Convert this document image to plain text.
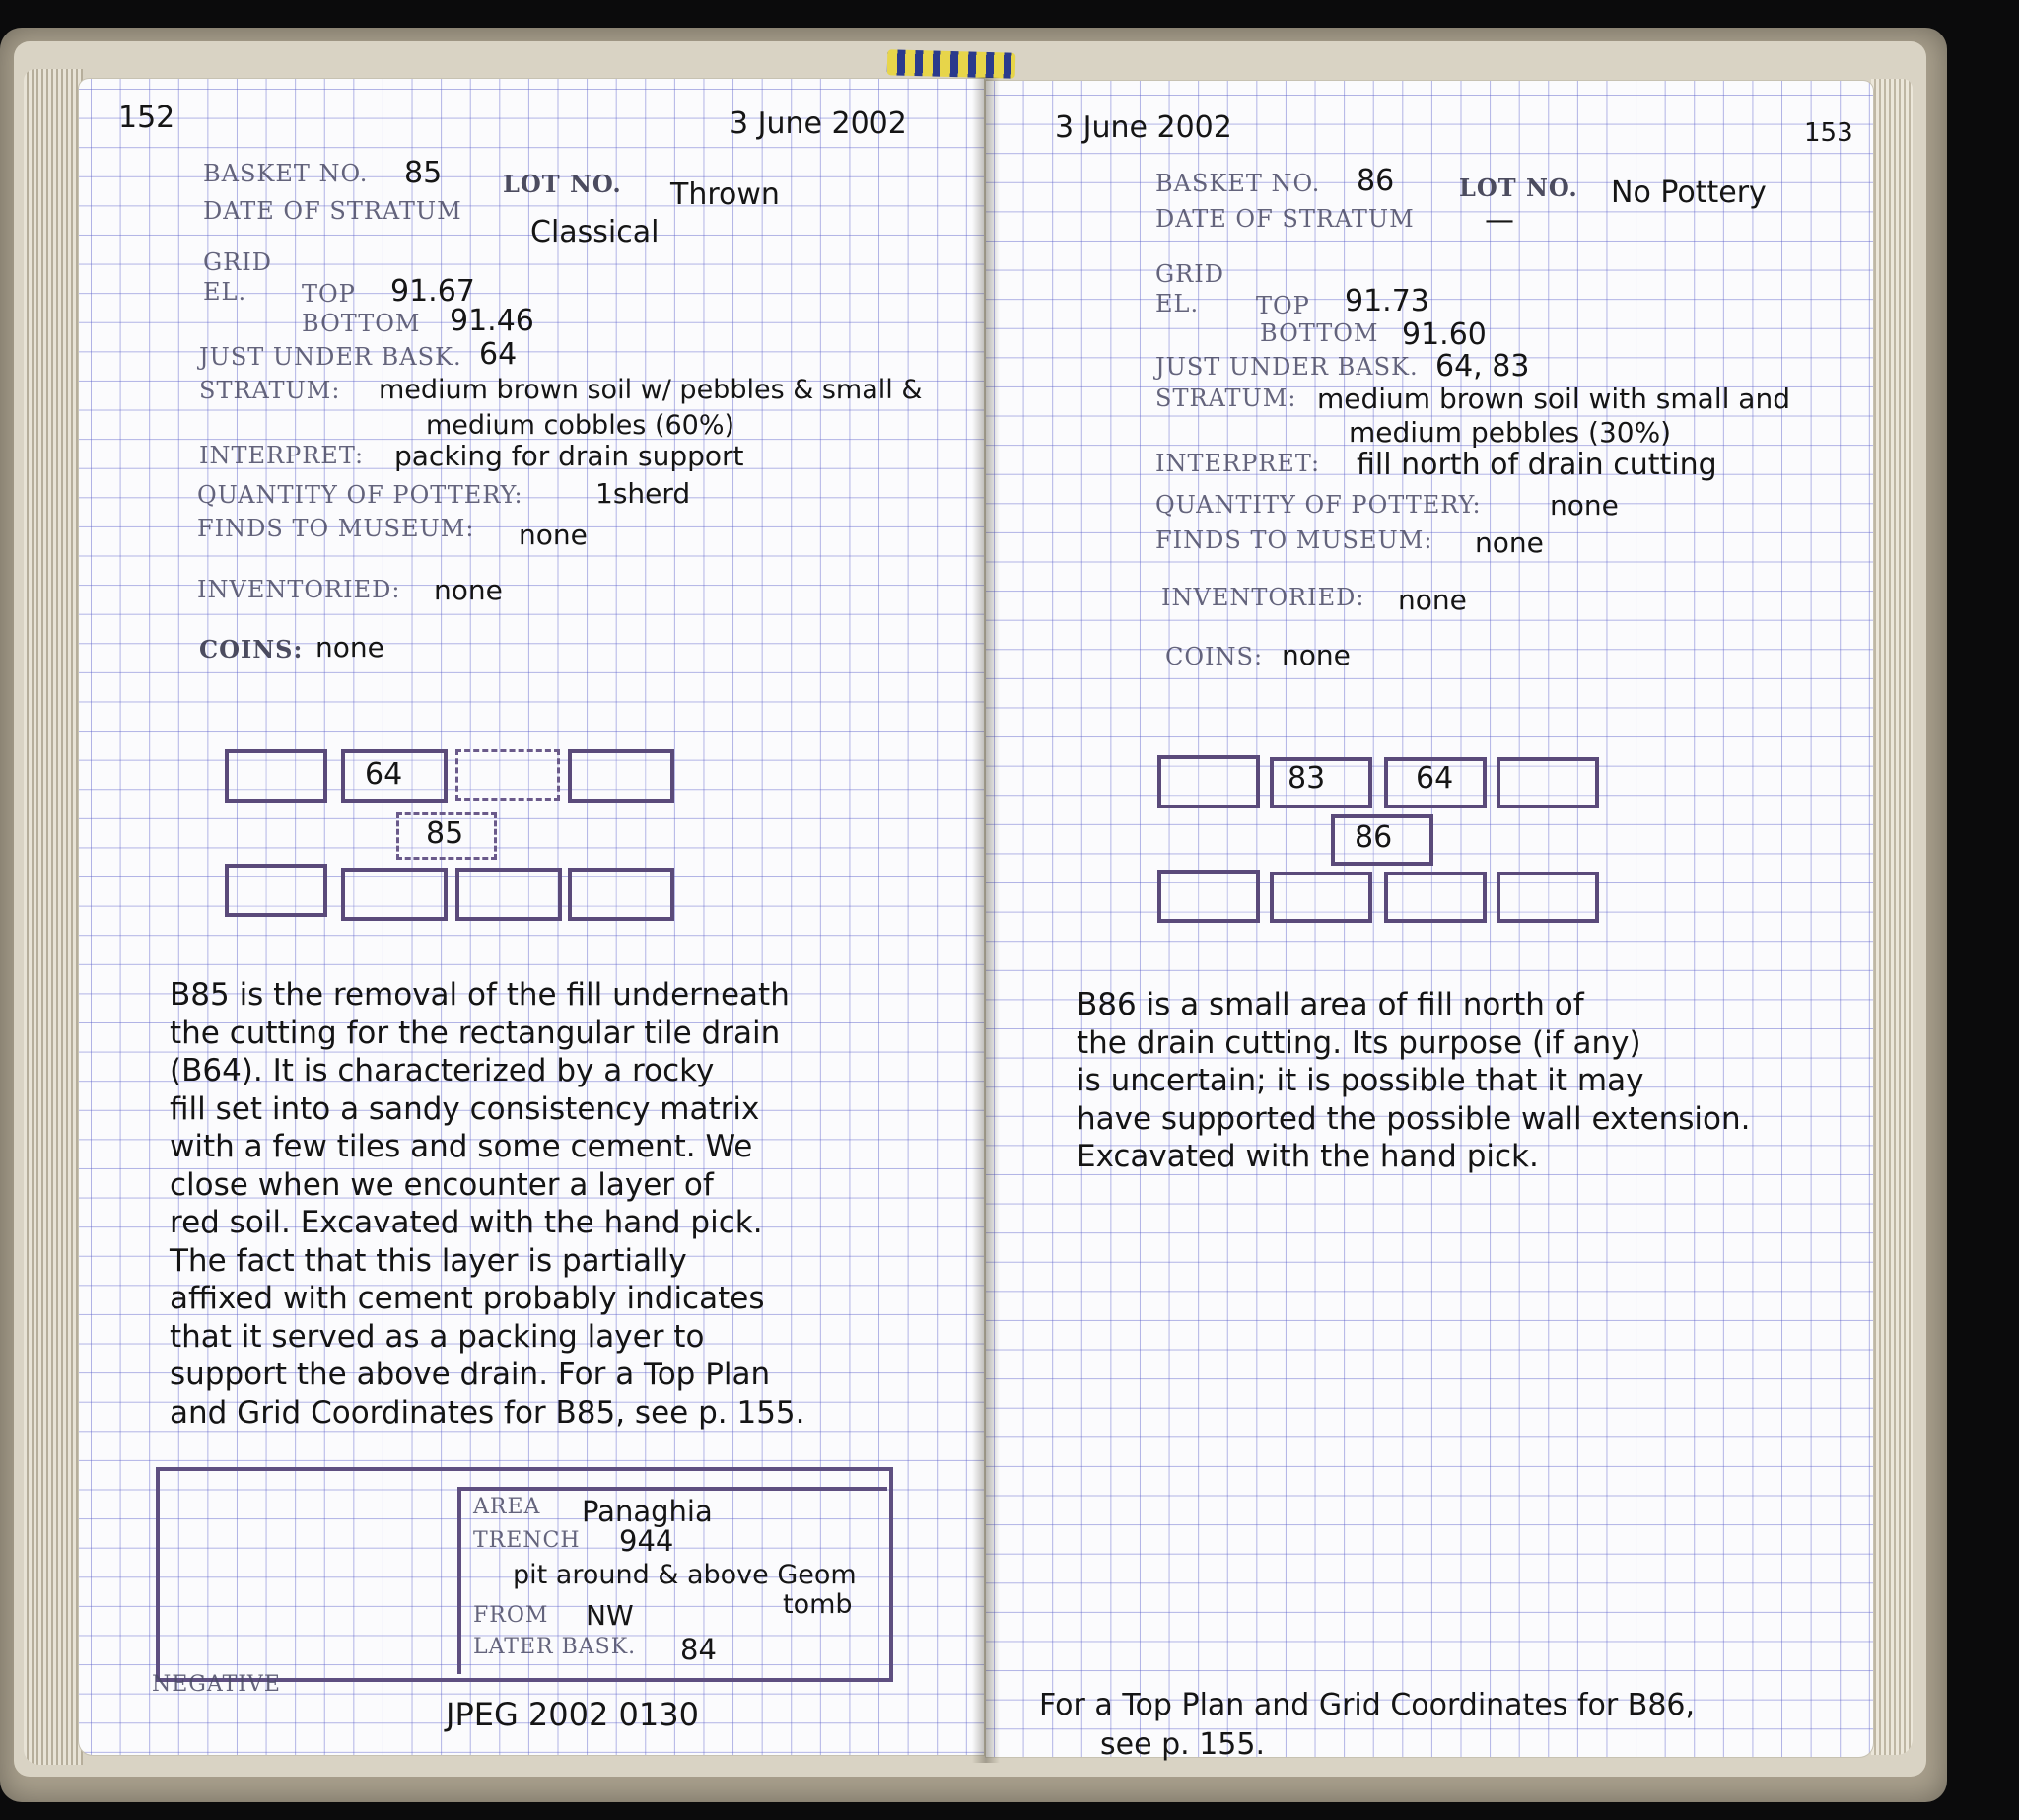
152	3 June 2002
BASKET NO. 85	LOT NO. Thrown
DATE OF STRATUM
Classical
GRID
EL. TOP 91.67
BOTTOM 91.46
JUST UNDER BASK. 64
STRATUM: medium brown soil w/ pebbles & small &
medium cobbles (60%)
INTERPRET: packing for drain support
QUANTITY OF POTTERY:	1sherd
FINDS TO MUSEUM: none
INVENTORIED: none
COINS: none
64
85
B85 is the removal of the fill underneath
the cutting for the rectangular tile drain
(B64). It is characterized by a rocky
fill set into a sandy consistency matrix
with a few tiles and some cement. We
close when we encounter a layer of
red soil. Excavated with the hand pick.
The fact that this layer is partially
affixed with cement probably indicates
that it served as a packing layer to
support the above drain. For a Top Plan
and Grid Coordinates for B85, see p. 155.
AREA Panaghia
TRENCH 944
pit around & above Geom
tomb
FROM NW
LATER BASK. 84
NEGATIVE
JPEG 2002 0130
3 June 2002	153
BASKET NO. 86	LOT NO. No Pottery
DATE OF STRATUM —
GRID
EL. TOP 91.73
BOTTOM 91.60
JUST UNDER BASK. 64, 83
STRATUM: medium brown soil with small and
medium pebbles (30%)
INTERPRET: fill north of drain cutting
QUANTITY OF POTTERY: none
FINDS TO MUSEUM: none
INVENTORIED: none
COINS: none
83	64
86
B86 is a small area of fill north of
the drain cutting. Its purpose (if any)
is uncertain; it is possible that it may
have supported the possible wall extension.
Excavated with the hand pick.
For a Top Plan and Grid Coordinates for B86,
see p. 155.
